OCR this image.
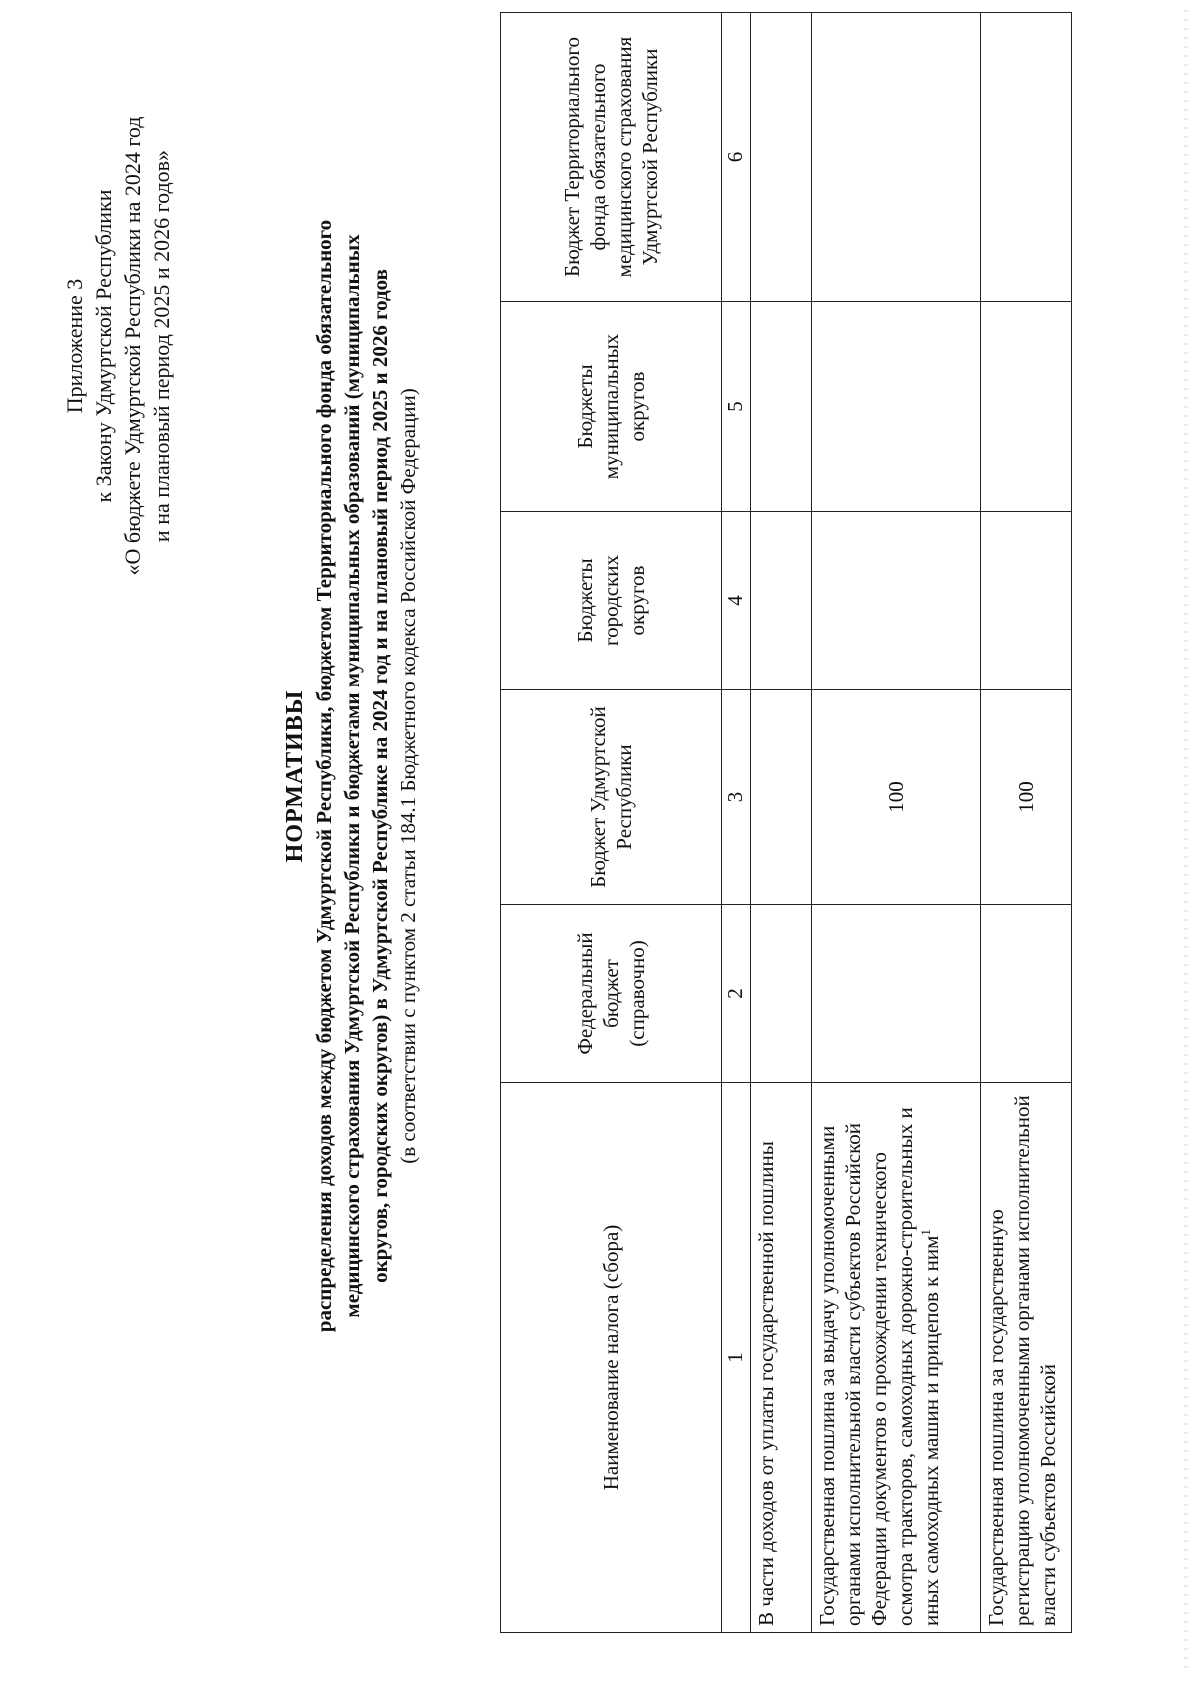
Приложение 3 к Закону Удмуртской Республики «О бюджете Удмуртской Республики на 2024 год и на плановый период 2025 и 2026 годов»
НОРМАТИВЫ распределения доходов между бюджетом Удмуртской Республики, бюджетом Территориального фонда обязательного медицинского страхования Удмуртской Республики и бюджетами муниципальных образований (муниципальных округов, городских округов) в Удмуртской Республике на 2024 год и на плановый период 2025 и 2026 годов (в соответствии с пунктом 2 статьи 184.1 Бюджетного кодекса Российской Федерации)
Наименование налога (сбора)	Федеральный бюджет (справочно)	Бюджет Удмуртской Республики	Бюджеты городских округов	Бюджеты муниципальных округов	Бюджет Территориального фонда обязательного медицинского страхования Удмуртской Республики
1	2	3	4	5	6
В части доходов от уплаты государственной пошлины					
Государственная пошлина за выдачу уполномоченными органами исполнительной власти субъектов Российской Федерации документов о прохождении технического осмотра тракторов, самоходных дорожно-строительных и иных самоходных машин и прицепов к ним$^1$		100			
Государственная пошлина за государственную регистрацию уполномоченными органами исполнительной власти субъектов Российской		100			
